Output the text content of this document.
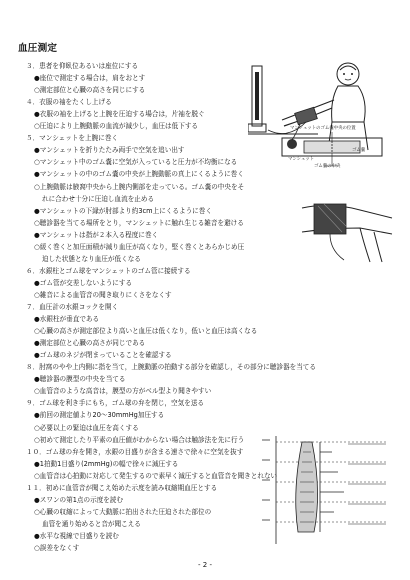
血圧測定
３．患者を仰臥位あるいは座位にする
●座位で測定する場合は，肩をおとす
○測定部位と心臓の高さを同じにする
４．衣服の袖をたくし上げる
●衣服の袖を上げると上腕を圧迫する場合は，片袖を脱ぐ
○圧迫により上腕動脈の血流が減少し，血圧は低下する
５．マンシェットを上腕に巻く
●マンシェットを折りたたみ両手で空気を追い出す
○マンシェット中のゴム嚢に空気が入っていると圧力が不均衡になる
●マンシェットの中のゴム嚢の中央が上腕動脈の真上にくるように巻く
○上腕動脈は腋窩中央から上腕内側部を走っている。ゴム嚢の中央をそ
れに合わせ十分に圧迫し血流を止める
●マンシェットの下縁が肘部より約3cm上にくるように巻く
○聴診器を当てる場所をとり，マンシェットに触れ生じる雑音を避ける
●マンシェットは指が２本入る程度に巻く
○緩く巻くと加圧面積が減り血圧が高くなり，堅く巻くとあらかじめ圧
迫した状態となり血圧が低くなる
６．水銀柱とゴム球をマンシェットのゴム管に接続する
●ゴム管が交差しないようにする
○雑音による血管音の聞き取りにくさをなくす
７．血圧計の水銀コックを開く
●水銀柱が垂直である
○心臓の高さが測定部位より高いと血圧は低くなり，低いと血圧は高くなる
●測定部位と心臓の高さが同じである
●ゴム球のネジが閉まっていることを確認する
８．肘窩のやや上内側に指を当て，上腕動脈の拍動する部分を確認し，その部分に聴診器を当てる
●聴診器の膜型の中央を当てる
○血管音のような高音は，膜型の方がベル型より聞きやすい
９．ゴム球を利き手にもち，ゴム球の弁を閉じ，空気を送る
●前回の測定値より20～30mmHg加圧する
○必要以上の緊迫は血圧を高くする
○初めて測定したり平素の血圧値がわからない場合は触診法を先に行う
１０．ゴム球の弁を開き，水銀の目盛りが含まる速さで徐々に空気を抜す
●1拍動1目盛り(2mmHg)の幅で徐々に減圧する
○血管音は心拍動に対応して発生するので素早く減圧すると血管音を聞きとれない
１１．初めに血管音が聞こえ始めた示度を読み収縮期血圧とする
●スワンの第1点の示度を読む
○心臓の収縮によって大動脈に拍出された圧迫された部位の
血管を通り始めると音が聞こえる
●水平な視線で目盛りを読む
○誤差をなくす
マンシェットのゴム嚢中央の位置
マンシェット
ゴム嚢
ゴム嚢の中央
- 2 -
